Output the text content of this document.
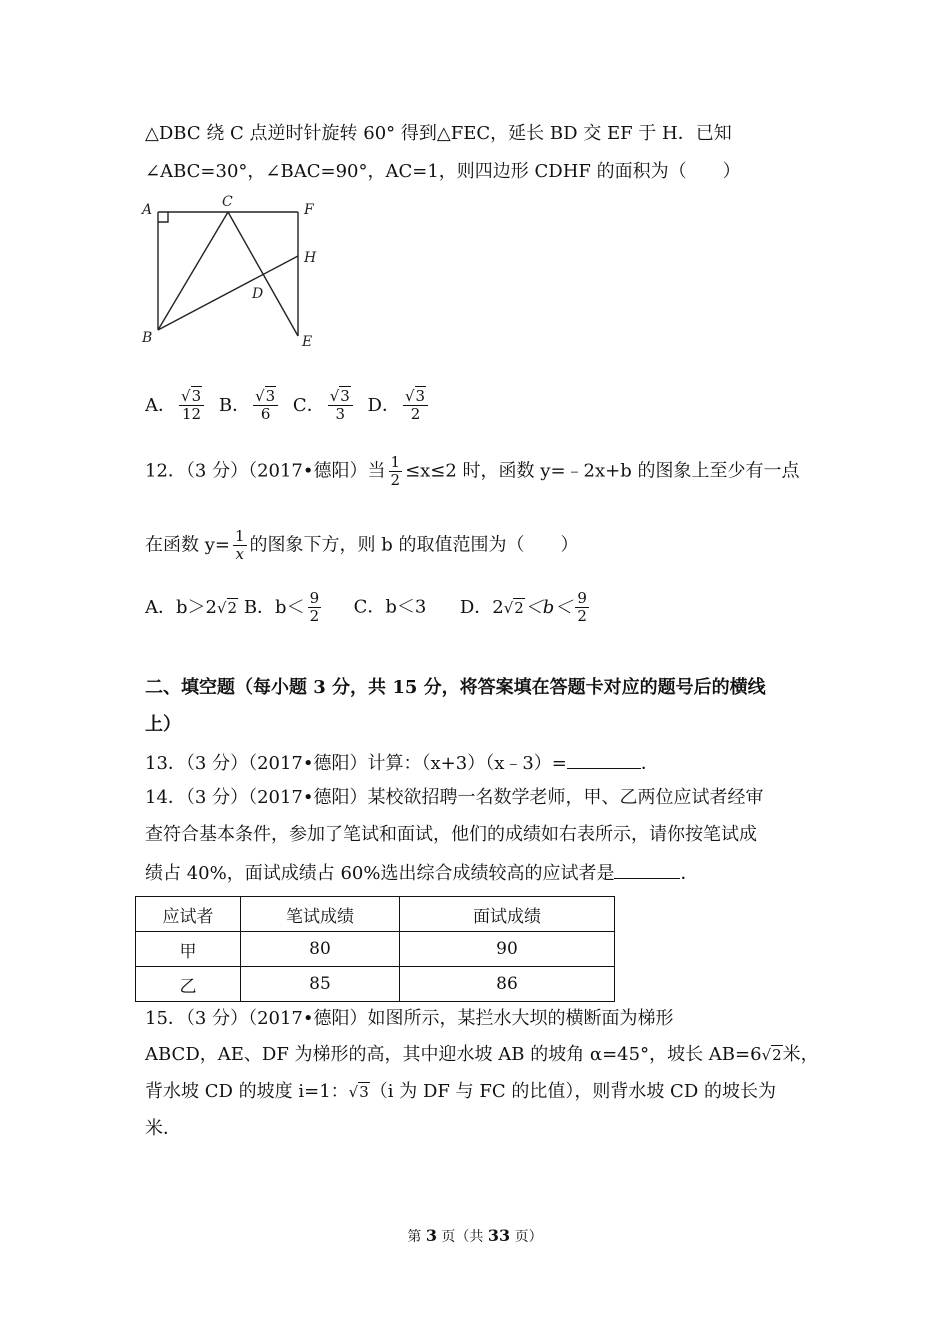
△DBC 绕 C 点逆时针旋转 60° 得到△FEC，延长 BD 交 EF 于 H．已知
∠ABC=30°，∠BAC=90°，AC=1，则四边形 CDHF 的面积为（　　）
A	C	F
H
D
B	E
A． $\frac{√3}{12}$ B． $\frac{√3}{6}$ C． $\frac{√3}{3}$ D． $\frac{√3}{2}$
12．（3 分）（2017•德阳）当 $\frac{1}{2} \le x\le 2$ 时，函数 y=﹣2x+b 的图象上至少有一点
在函数 $y= \frac{1}{x}$ 的图象下方，则 b 的取值范围为（　　）
A．b＞2√2 B．$b< \frac{9}{2}$ C．b＜3 D．$2√2<b< \frac{9}{2}$
二、填空题（每小题 3 分，共 15 分，将答案填在答题卡对应的题号后的横线
上）
13．（3 分）（2017•德阳）计算：（x+3）（x﹣3）=	．
14．（3 分）（2017•德阳）某校欲招聘一名数学老师，甲、乙两位应试者经审
查符合基本条件，参加了笔试和面试，他们的成绩如右表所示，请你按笔试成
绩占 40%，面试成绩占 60%选出综合成绩较高的应试者是	．
应试者	笔试成绩	面试成绩
甲	80	90
乙	85	86
15．（3 分）（2017•德阳）如图所示，某拦水大坝的横断面为梯形
ABCD，AE、DF 为梯形的高，其中迎水坡 AB 的坡角 α=45°，坡长 AB=6√2米，
背水坡 CD 的坡度 i=1：√3（i 为 DF 与 FC 的比值），则背水坡 CD 的坡长为
米．
第 3 页（共 33 页）
